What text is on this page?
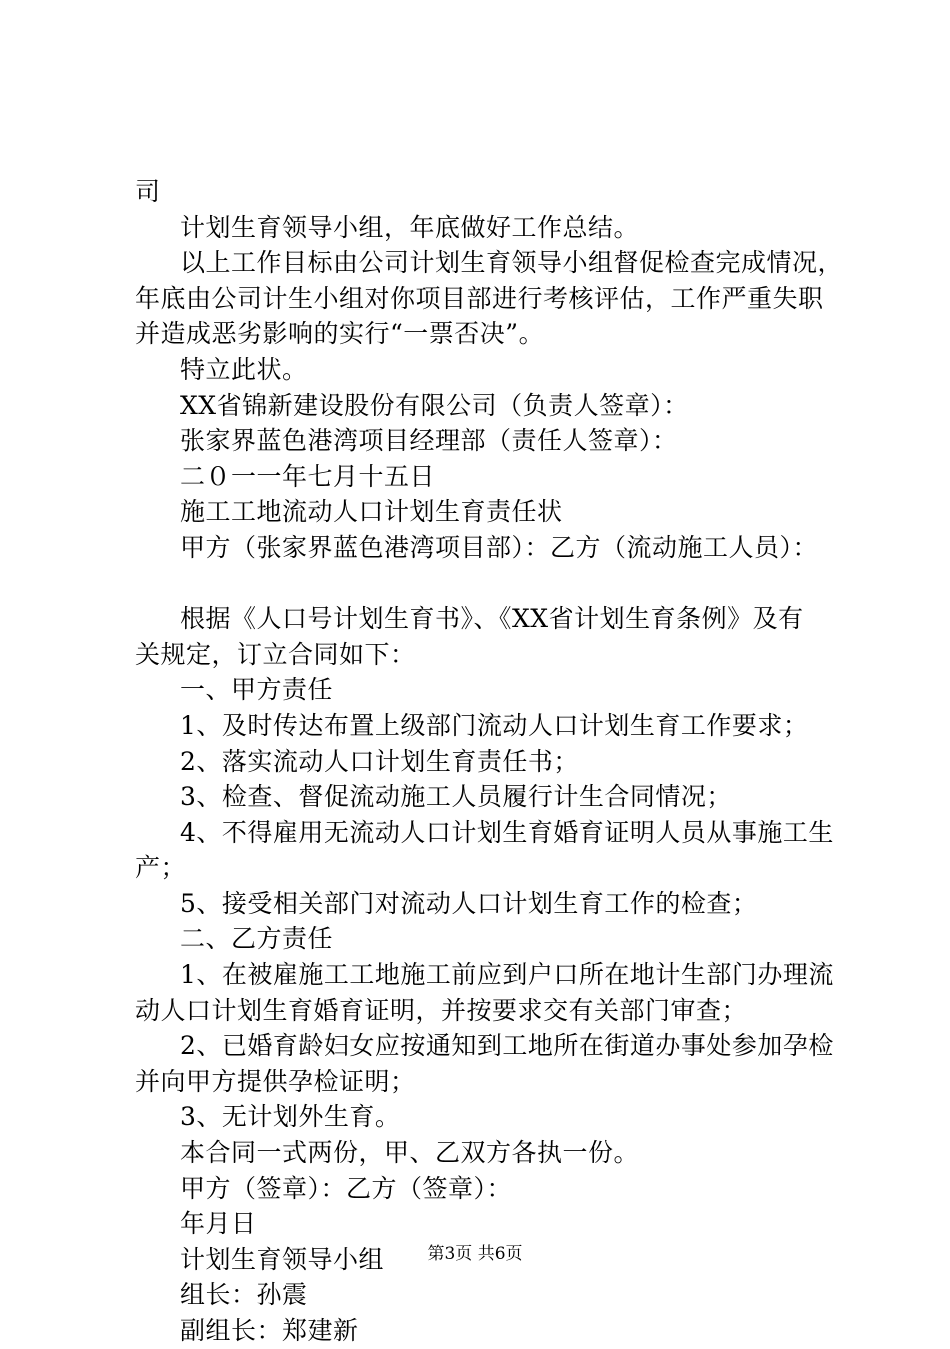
司
计划生育领导小组，年底做好工作总结。
以上工作目标由公司计划生育领导小组督促检查完成情况，
年底由公司计生小组对你项目部进行考核评估，工作严重失职
并造成恶劣影响的实行“一票否决”。
特立此状。
XX省锦新建设股份有限公司（负责人签章）：
张家界蓝色港湾项目经理部（责任人签章）：
二０一一年七月十五日
施工工地流动人口计划生育责任状
甲方（张家界蓝色港湾项目部）：乙方（流动施工人员）：
根据《人口号计划生育书》、《XX省计划生育条例》及有
关规定，订立合同如下：
一、甲方责任
1、及时传达布置上级部门流动人口计划生育工作要求；
2、落实流动人口计划生育责任书；
3、检查、督促流动施工人员履行计生合同情况；
4、不得雇用无流动人口计划生育婚育证明人员从事施工生
产；
5、接受相关部门对流动人口计划生育工作的检查；
二、乙方责任
1、在被雇施工工地施工前应到户口所在地计生部门办理流
动人口计划生育婚育证明，并按要求交有关部门审查；
2、已婚育龄妇女应按通知到工地所在街道办事处参加孕检
并向甲方提供孕检证明；
3、无计划外生育。
本合同一式两份，甲、乙双方各执一份。
甲方（签章）：乙方（签章）：
年月日
计划生育领导小组
组长：孙震
副组长：郑建新
第3页 共6页
